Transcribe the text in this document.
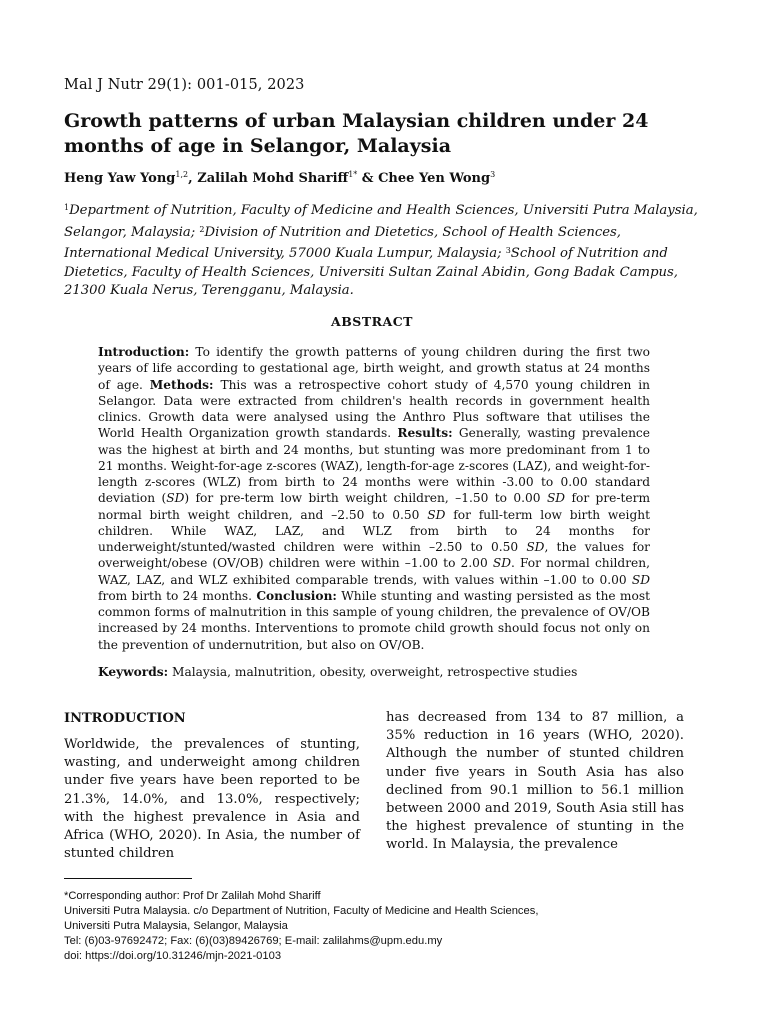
Mal J Nutr 29(1): 001-015, 2023
Growth patterns of urban Malaysian children under 24 months of age in Selangor, Malaysia
Heng Yaw Yong$^{1,2}$, Zalilah Mohd Shariff$^{1*}$ & Chee Yen Wong$^3$
$^1$Department of Nutrition, Faculty of Medicine and Health Sciences, Universiti Putra Malaysia, Selangor, Malaysia; $^2$Division of Nutrition and Dietetics, School of Health Sciences, International Medical University, 57000 Kuala Lumpur, Malaysia; $^3$School of Nutrition and Dietetics, Faculty of Health Sciences, Universiti Sultan Zainal Abidin, Gong Badak Campus, 21300 Kuala Nerus, Terengganu, Malaysia.
ABSTRACT
Introduction: To identify the growth patterns of young children during the first two years of life according to gestational age, birth weight, and growth status at 24 months of age. Methods: This was a retrospective cohort study of 4,570 young children in Selangor. Data were extracted from children's health records in government health clinics. Growth data were analysed using the Anthro Plus software that utilises the World Health Organization growth standards. Results: Generally, wasting prevalence was the highest at birth and 24 months, but stunting was more predominant from 1 to 21 months. Weight-for-age z-scores (WAZ), length-for-age z-scores (LAZ), and weight-for-length z-scores (WLZ) from birth to 24 months were within -3.00 to 0.00 standard deviation (SD) for pre-term low birth weight children, –1.50 to 0.00 SD for pre-term normal birth weight children, and –2.50 to 0.50 SD for full-term low birth weight children. While WAZ, LAZ, and WLZ from birth to 24 months for underweight/stunted/wasted children were within –2.50 to 0.50 SD, the values for overweight/obese (OV/OB) children were within –1.00 to 2.00 SD. For normal children, WAZ, LAZ, and WLZ exhibited comparable trends, with values within –1.00 to 0.00 SD from birth to 24 months. Conclusion: While stunting and wasting persisted as the most common forms of malnutrition in this sample of young children, the prevalence of OV/OB increased by 24 months. Interventions to promote child growth should focus not only on the prevention of undernutrition, but also on OV/OB.
Keywords: Malaysia, malnutrition, obesity, overweight, retrospective studies
INTRODUCTION

Worldwide, the prevalences of stunting, wasting, and underweight among children under five years have been reported to be 21.3%, 14.0%, and 13.0%, respectively; with the highest prevalence in Asia and Africa (WHO, 2020). In Asia, the number of stunted children

has decreased from 134 to 87 million, a 35% reduction in 16 years (WHO, 2020). Although the number of stunted children under five years in South Asia has also declined from 90.1 million to 56.1 million between 2000 and 2019, South Asia still has the highest prevalence of stunting in the world. In Malaysia, the prevalence

*Corresponding author: Prof Dr Zalilah Mohd Shariff
Universiti Putra Malaysia. c/o Department of Nutrition, Faculty of Medicine and Health Sciences,
Universiti Putra Malaysia, Selangor, Malaysia
Tel: (6)03-97692472; Fax: (6)(03)89426769; E-mail: zalilahms@upm.edu.my
doi: https://doi.org/10.31246/mjn-2021-0103
